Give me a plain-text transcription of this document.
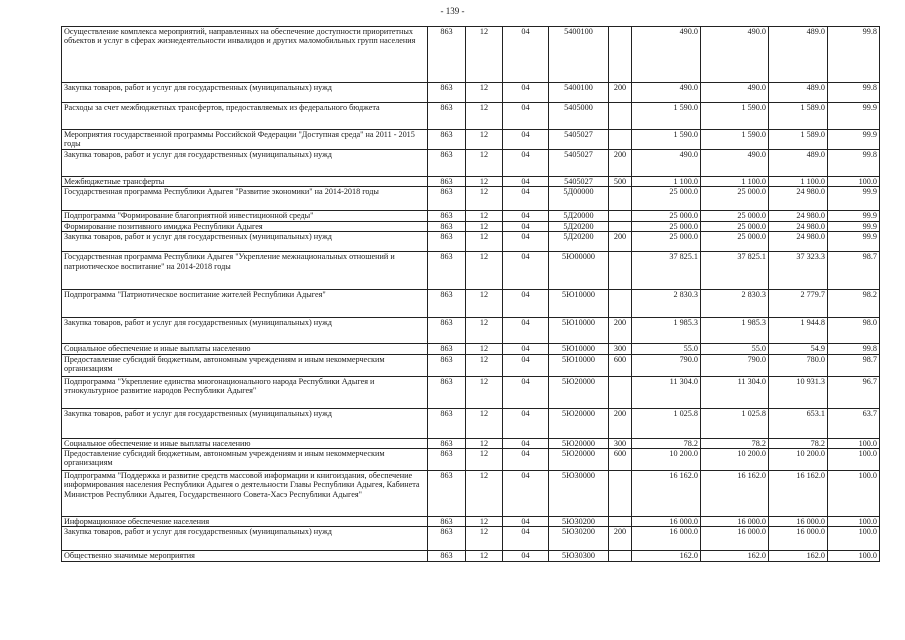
- 139 -
Осуществление комплекса мероприятий, направленных на обеспечение доступности приоритетных объектов и услуг в сферах жизнедеятельности инвалидов и других маломобильных групп населения	863	12	04	5400100		490.0	490.0	489.0	99.8
Закупка товаров, работ и услуг для государственных (муниципальных) нужд	863	12	04	5400100	200	490.0	490.0	489.0	99.8
Расходы за счет межбюджетных трансфертов, предоставляемых из федерального бюджета	863	12	04	5405000		1 590.0	1 590.0	1 589.0	99.9
Мероприятия государственной программы Российской Федерации "Доступная среда" на 2011 - 2015 годы	863	12	04	5405027		1 590.0	1 590.0	1 589.0	99.9
Закупка товаров, работ и услуг для государственных (муниципальных) нужд	863	12	04	5405027	200	490.0	490.0	489.0	99.8
Межбюджетные трансферты	863	12	04	5405027	500	1 100.0	1 100.0	1 100.0	100.0
Государственная программа Республики Адыгея "Развитие экономики" на 2014-2018 годы	863	12	04	5Д00000		25 000.0	25 000.0	24 980.0	99.9
Подпрограмма "Формирование благоприятной инвестиционной среды"	863	12	04	5Д20000		25 000.0	25 000.0	24 980.0	99.9
Формирование позитивного имиджа Республики Адыгея	863	12	04	5Д20200		25 000.0	25 000.0	24 980.0	99.9
Закупка товаров, работ и услуг для государственных (муниципальных) нужд	863	12	04	5Д20200	200	25 000.0	25 000.0	24 980.0	99.9
Государственная программа Республики Адыгея "Укрепление межнациональных отношений и патриотическое воспитание" на 2014-2018 годы	863	12	04	5Ю00000		37 825.1	37 825.1	37 323.3	98.7
Подпрограмма "Патриотическое воспитание жителей Республики Адыгея"	863	12	04	5Ю10000		2 830.3	2 830.3	2 779.7	98.2
Закупка товаров, работ и услуг для государственных (муниципальных) нужд	863	12	04	5Ю10000	200	1 985.3	1 985.3	1 944.8	98.0
Социальное обеспечение и иные выплаты населению	863	12	04	5Ю10000	300	55.0	55.0	54.9	99.8
Предоставление субсидий бюджетным, автономным учреждениям и иным некоммерческим организациям	863	12	04	5Ю10000	600	790.0	790.0	780.0	98.7
Подпрограмма "Укрепление единства многонационального народа Республики Адыгея и этнокультурное развитие народов Республики Адыгея"	863	12	04	5Ю20000		11 304.0	11 304.0	10 931.3	96.7
Закупка товаров, работ и услуг для государственных (муниципальных) нужд	863	12	04	5Ю20000	200	1 025.8	1 025.8	653.1	63.7
Социальное обеспечение и иные выплаты населению	863	12	04	5Ю20000	300	78.2	78.2	78.2	100.0
Предоставление субсидий бюджетным, автономным учреждениям и иным некоммерческим организациям	863	12	04	5Ю20000	600	10 200.0	10 200.0	10 200.0	100.0
Подпрограмма "Поддержка и развитие средств массовой информации и книгоиздания, обеспечение информирования населения Республики Адыгея о деятельности Главы Республики Адыгея, Кабинета Министров Республики Адыгея, Государственного Совета-Хасэ Республики Адыгея"	863	12	04	5Ю30000		16 162.0	16 162.0	16 162.0	100.0
Информационное обеспечение населения	863	12	04	5Ю30200		16 000.0	16 000.0	16 000.0	100.0
Закупка товаров, работ и услуг для государственных (муниципальных) нужд	863	12	04	5Ю30200	200	16 000.0	16 000.0	16 000.0	100.0
Общественно значимые мероприятия	863	12	04	5Ю30300		162.0	162.0	162.0	100.0
